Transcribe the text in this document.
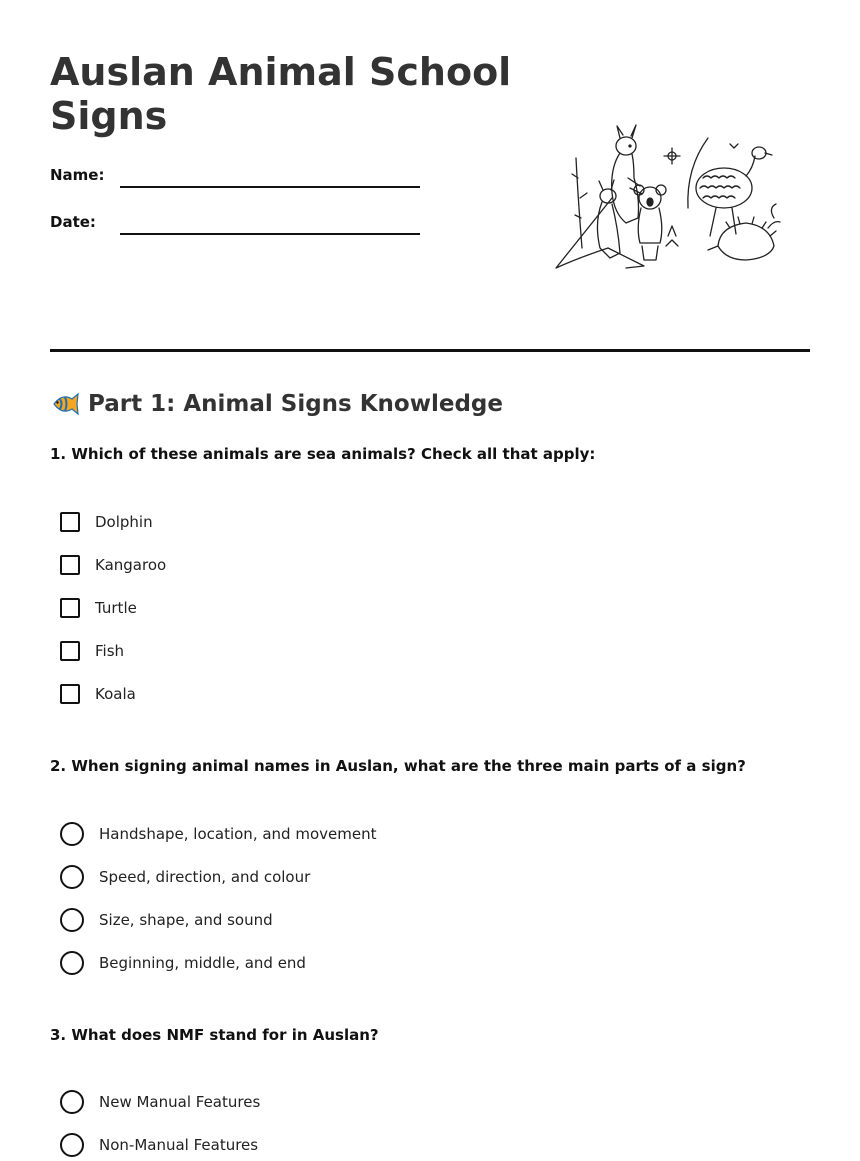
Auslan Animal School Signs
Name:
Date:
Part 1: Animal Signs Knowledge

1. Which of these animals are sea animals? Check all that apply:

Dolphin
Kangaroo
Turtle
Fish
Koala

2. When signing animal names in Auslan, what are the three main parts of a sign?

Handshape, location, and movement
Speed, direction, and colour
Size, shape, and sound
Beginning, middle, and end

3. What does NMF stand for in Auslan?

New Manual Features
Non-Manual Features
